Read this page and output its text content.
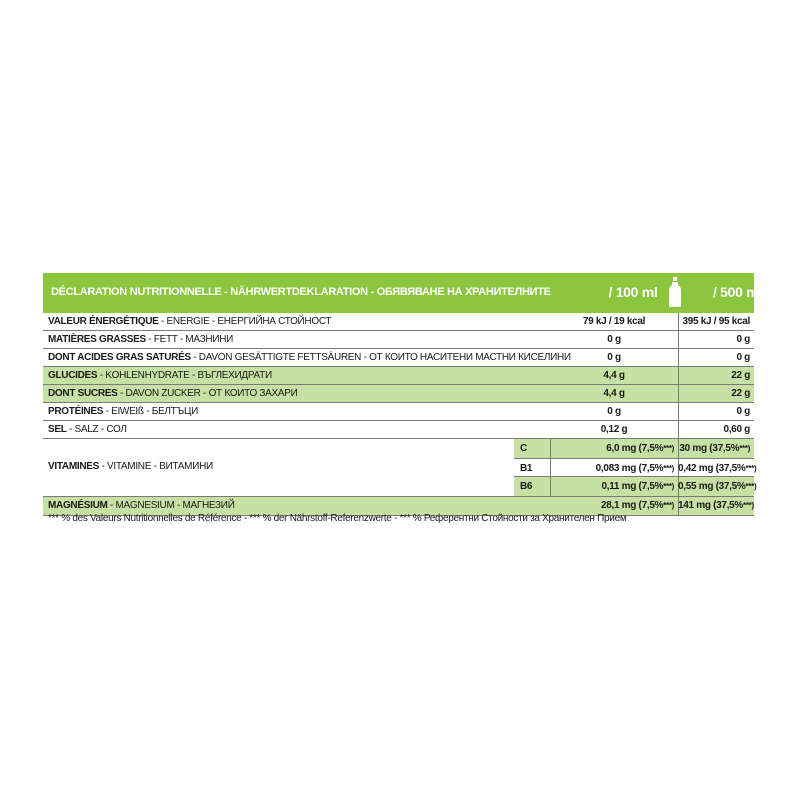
DÉCLARATION NUTRITIONNELLE - NÄHRWERTDEKLARATION - ОБЯВЯВАНЕ НА ХРАНИТЕЛНИТЕ	/ 100 ml	/ 500 ml
VALEUR ÉNERGÉTIQUE - ENERGIE - ЕНЕРГИЙНА СТОЙНОСТ	79 kJ / 19 kcal	395 kJ / 95 kcal
MATIÈRES GRASSES - FETT - МАЗНИНИ	0 g	0 g
DONT ACIDES GRAS SATURÉS - DAVON GESÄTTIGTE FETTSÄUREN - ОТ КОИТО НАСИТЕНИ МАСТНИ КИСЕЛИНИ	0 g	0 g
GLUCIDES - KOHLENHYDRATE - ВЪГЛЕХИДРАТИ	4,4 g	22 g
DONT SUCRES - DAVON ZUCKER - ОТ КОИТО ЗАХАРИ	4,4 g	22 g
PROTÉINES - EIWEIß - БЕЛТЪЦИ	0 g	0 g
SEL - SALZ - СОЛ	0,12 g	0,60 g
VITAMINES - VITAMINE - ВИТАМИНИ
C	6,0 mg (7,5%***) 30 mg (37,5%***)
B1	0,083 mg (7,5%***) 0,42 mg (37,5%***)
B6	0,11 mg (7,5%***) 0,55 mg (37,5%***)
MAGNÉSIUM - MAGNESIUM - МАГНЕЗИЙ	28,1 mg (7,5%***) 141 mg (37,5%***)
*** % des Valeurs Nutritionnelles de Référence - *** % der Nährstoff-Referenzwerte - *** % Референтни Стойности за Хранителен Прием
